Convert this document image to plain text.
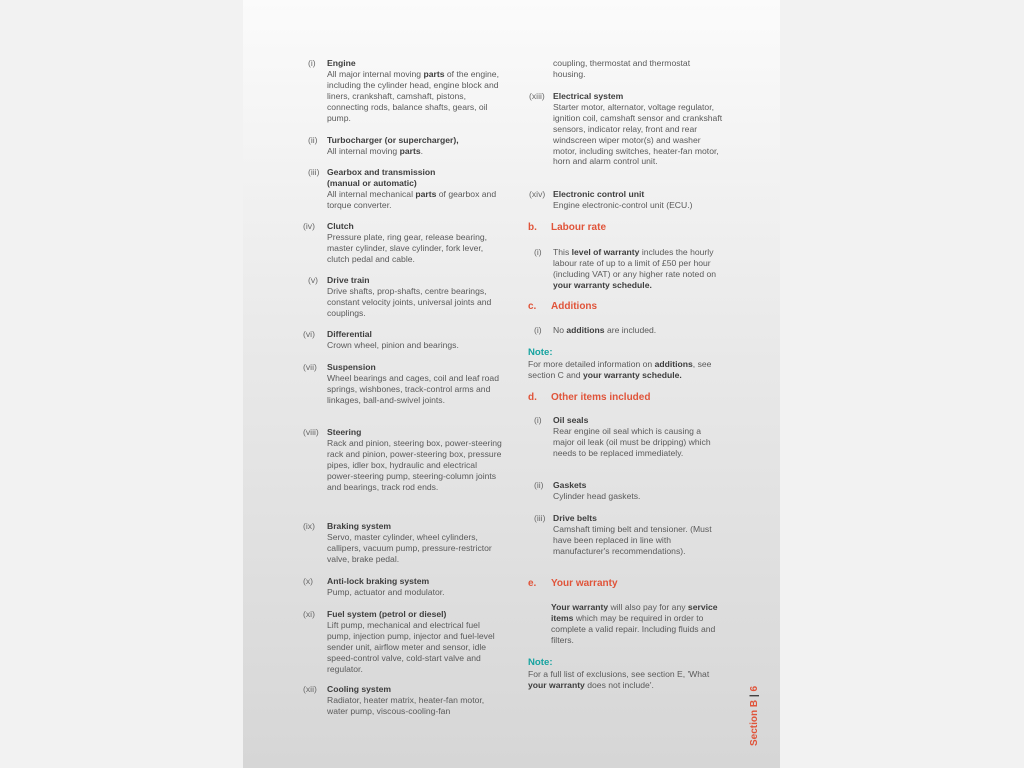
(i) Engine
All major internal moving parts of the engine, including the cylinder head, engine block and liners, crankshaft, camshaft, pistons, connecting rods, balance shafts, gears, oil pump.
(ii) Turbocharger (or supercharger),
All internal moving parts.
(iii) Gearbox and transmission (manual or automatic)
All internal mechanical parts of gearbox and torque converter.
(iv) Clutch
Pressure plate, ring gear, release bearing, master cylinder, slave cylinder, fork lever, clutch pedal and cable.
(v) Drive train
Drive shafts, prop-shafts, centre bearings, constant velocity joints, universal joints and couplings.
(vi) Differential
Crown wheel, pinion and bearings.
(vii) Suspension
Wheel bearings and cages, coil and leaf road springs, wishbones, track-control arms and linkages, ball-and-swivel joints.
(viii) Steering
Rack and pinion, steering box, power-steering rack and pinion, power-steering box, pressure pipes, idler box, hydraulic and electrical power-steering pump, steering-column joints and bearings, track rod ends.
(ix) Braking system
Servo, master cylinder, wheel cylinders, callipers, vacuum pump, pressure-restrictor valve, brake pedal.
(x) Anti-lock braking system
Pump, actuator and modulator.
(xi) Fuel system (petrol or diesel)
Lift pump, mechanical and electrical fuel pump, injection pump, injector and fuel-level sender unit, airflow meter and sensor, idle speed-control valve, cold-start valve and regulator.
(xii) Cooling system
Radiator, heater matrix, heater-fan motor, water pump, viscous-cooling-fan
coupling, thermostat and thermostat housing.
(xiii) Electrical system
Starter motor, alternator, voltage regulator, ignition coil, camshaft sensor and crankshaft sensors, indicator relay, front and rear windscreen wiper motor(s) and washer motor, including switches, heater-fan motor, horn and alarm control unit.
(xiv) Electronic control unit
Engine electronic-control unit (ECU.)
b. Labour rate
(i) This level of warranty includes the hourly labour rate of up to a limit of £50 per hour (including VAT) or any higher rate noted on your warranty schedule.
c. Additions
(i) No additions are included.
Note:
For more detailed information on additions, see section C and your warranty schedule.
d. Other items included
(i) Oil seals
Rear engine oil seal which is causing a major oil leak (oil must be dripping) which needs to be replaced immediately.
(ii) Gaskets
Cylinder head gaskets.
(iii) Drive belts
Camshaft timing belt and tensioner. (Must have been replaced in line with manufacturer's recommendations).
e. Your warranty
Your warranty will also pay for any service items which may be required in order to complete a valid repair. Including fluids and filters.
Note:
For a full list of exclusions, see section E, 'What your warranty does not include'.
Section B | 6
